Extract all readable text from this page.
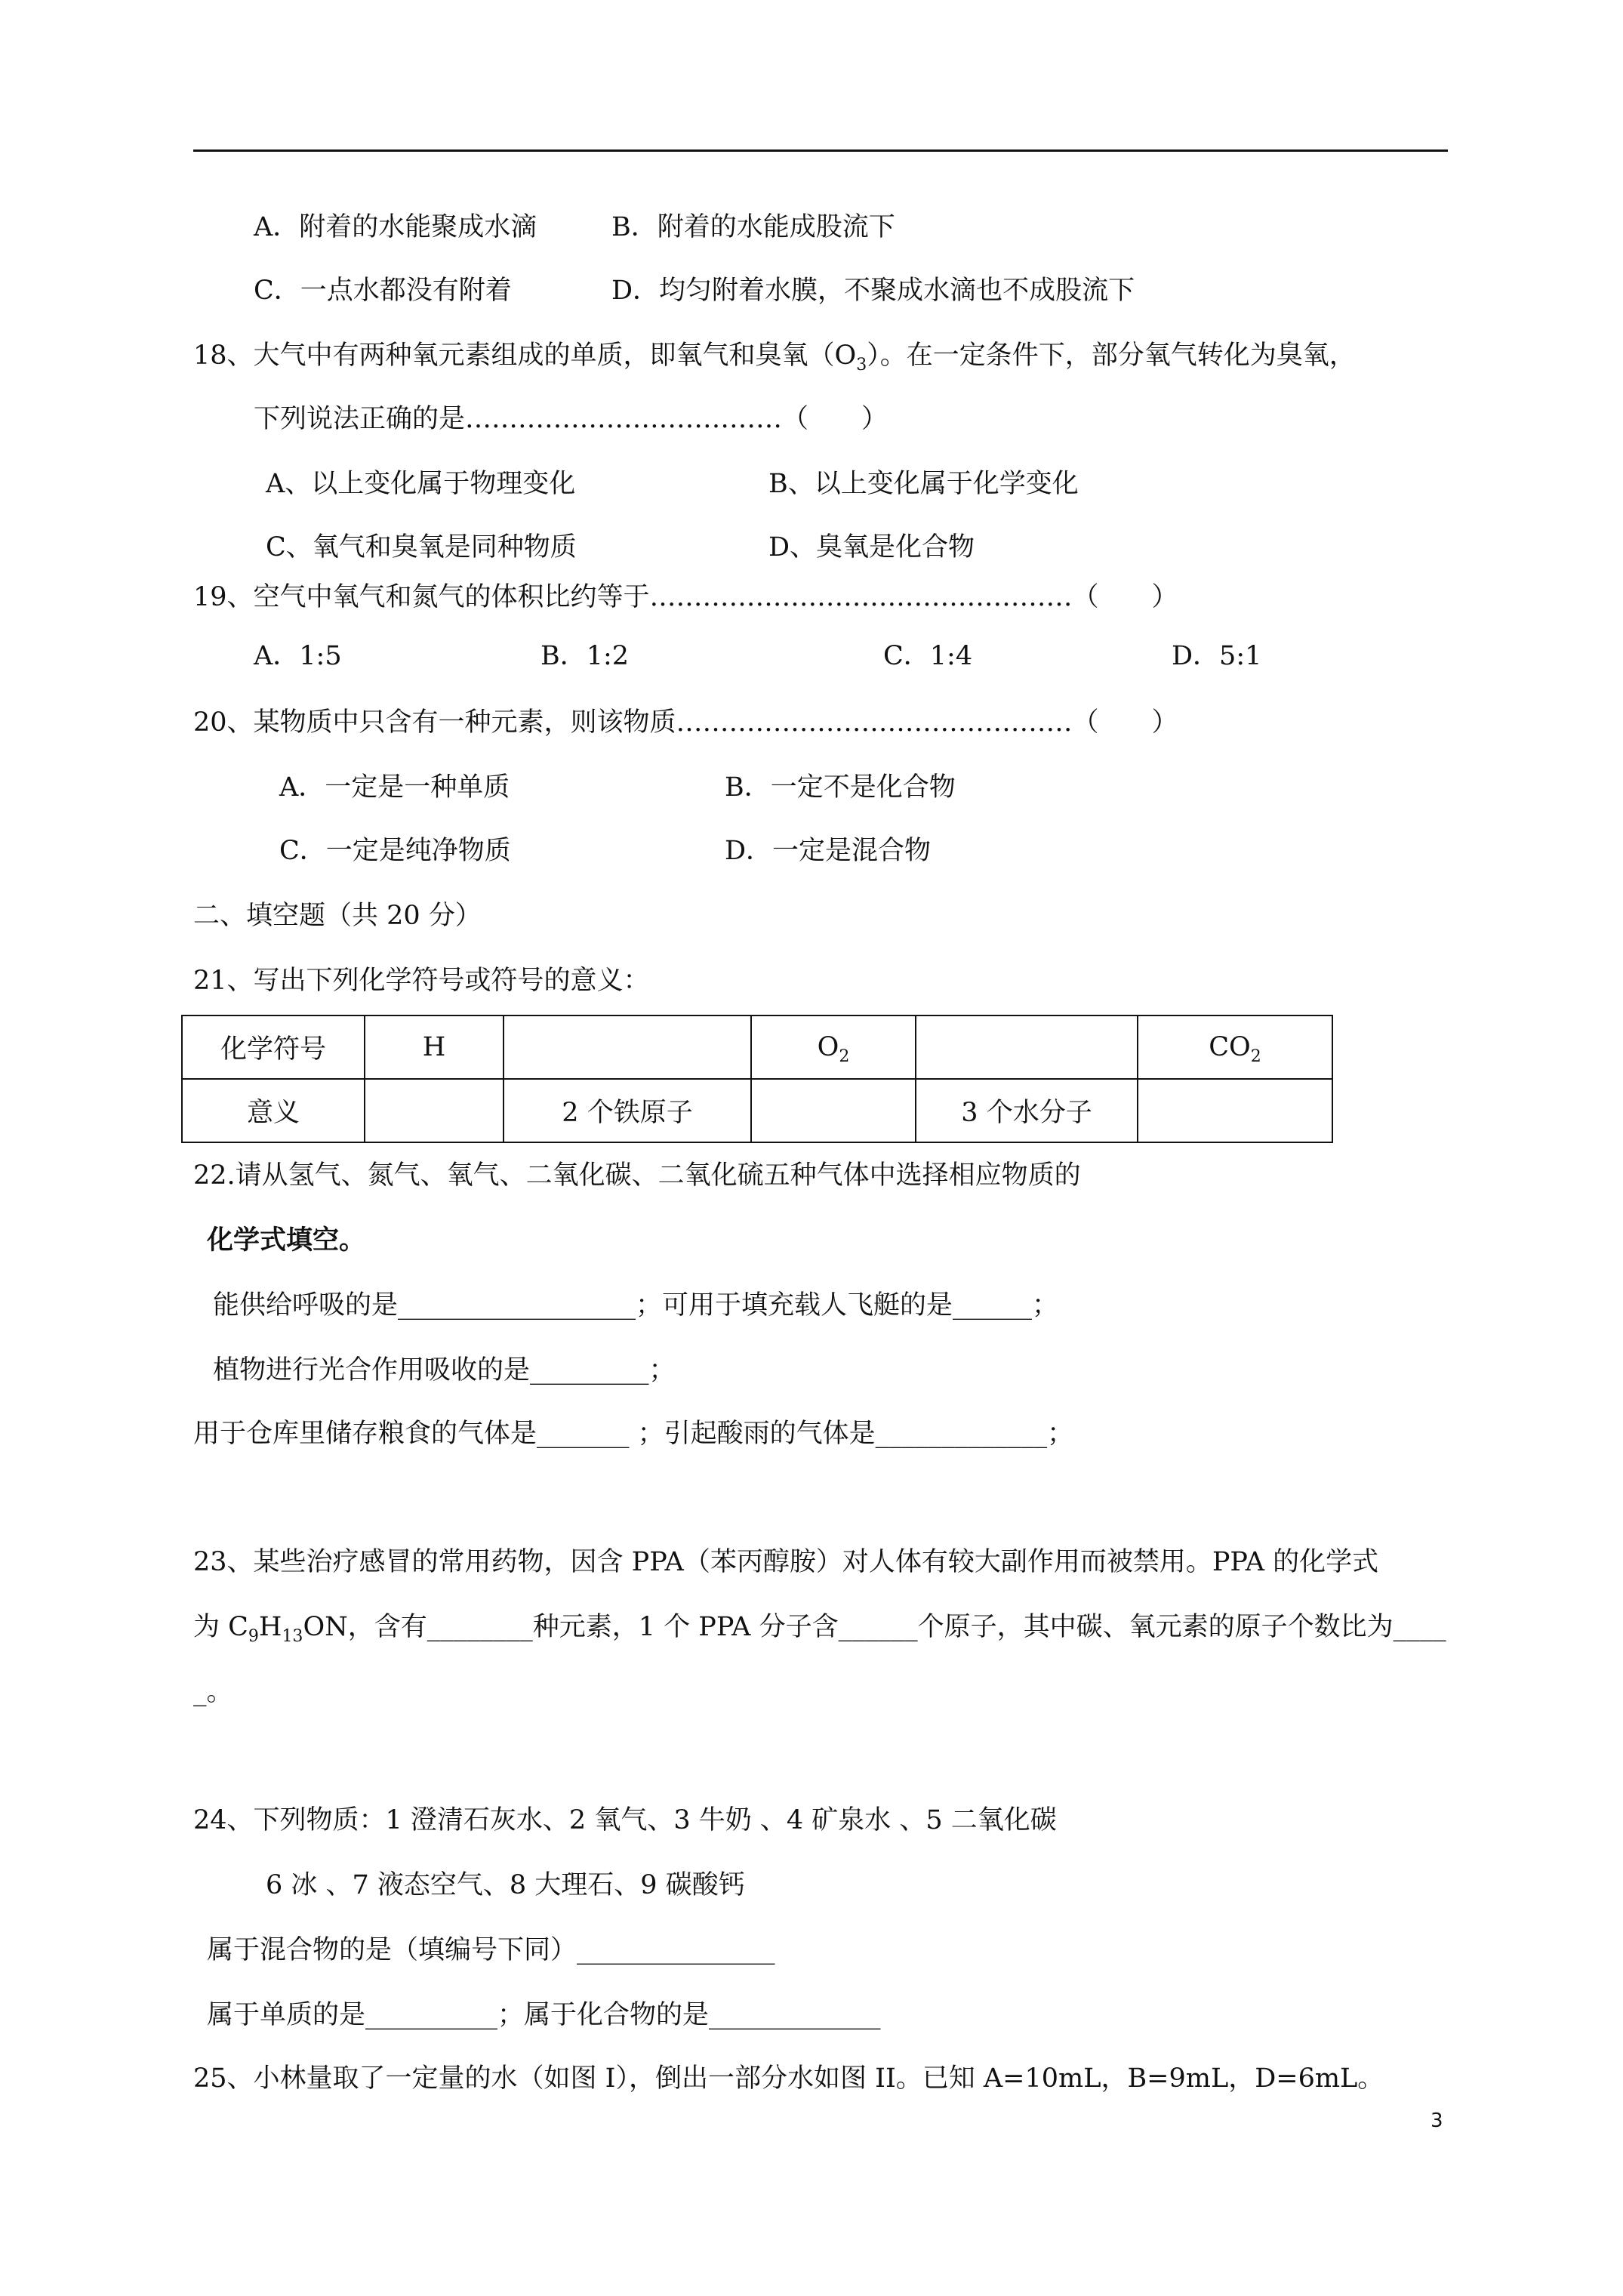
A．附着的水能聚成水滴	B．附着的水能成股流下
C．一点水都没有附着	D．均匀附着水膜，不聚成水滴也不成股流下
18、大气中有两种氧元素组成的单质，即氧气和臭氧$(O_3)$。在一定条件下，部分氧气转化为臭氧，
下列说法正确的是………………………………（　　）
A、以上变化属于物理变化	B、以上变化属于化学变化
C、氧气和臭氧是同种物质	D、臭氧是化合物
19、空气中氧气和氮气的体积比约等于…………………………………………（　　）
A．1:5	B．1:2	C．1:4	D．5:1
20、某物质中只含有一种元素，则该物质………………………………………（　　）
A．一定是一种单质	B．一定不是化合物
C．一定是纯净物质	D．一定是混合物
二、填空题（共 20 分）
21、写出下列化学符号或符号的意义：
化学符号	H		$O_2$		$CO_2$
意义		2 个铁原子		3 个水分子	
22.请从氢气、氮气、氧气、二氧化碳、二氧化硫五种气体中选择相应物质的
化学式填空。
能供给呼吸的是__________________；可用于填充载人飞艇的是______；
植物进行光合作用吸收的是_________；
用于仓库里储存粮食的气体是_______ ；引起酸雨的气体是_____________；
23、某些治疗感冒的常用药物，因含 PPA（苯丙醇胺）对人体有较大副作用而被禁用。PPA 的化学式
为 $C_9H_{13}ON$，含有________种元素，1 个 PPA 分子含______个原子，其中碳、氧元素的原子个数比为____
_。
24、下列物质：1 澄清石灰水、2 氧气、3 牛奶 、4 矿泉水 、5 二氧化碳
6 冰 、7 液态空气、8 大理石、9 碳酸钙
属于混合物的是（填编号下同）_______________
属于单质的是__________；属于化合物的是_____________
25、小林量取了一定量的水（如图 I），倒出一部分水如图 II。已知 A=10mL，B=9mL，D=6mL。
3
